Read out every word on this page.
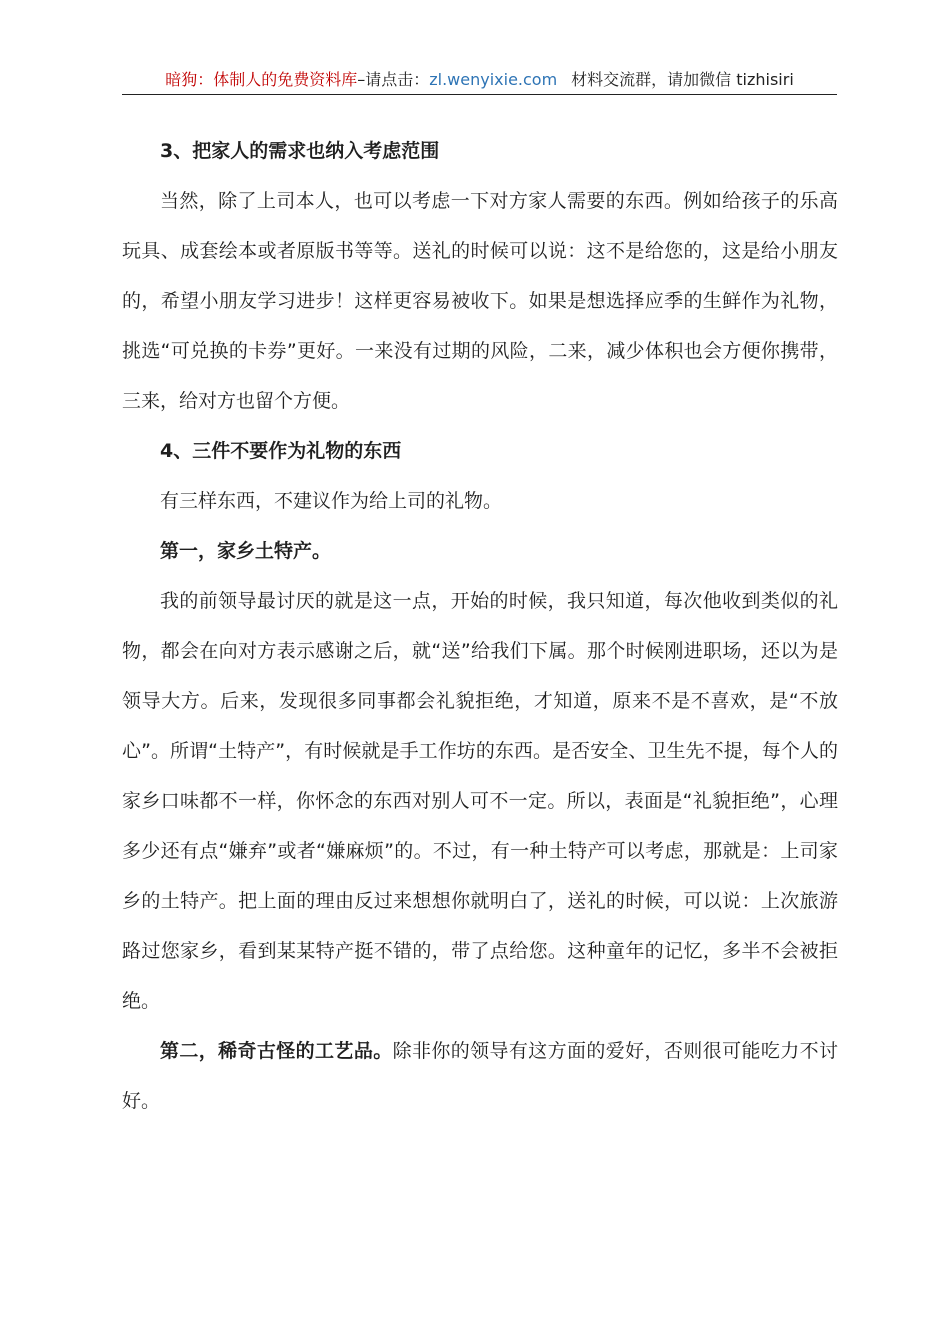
暗狗：体制人的免费资料库–请点击：zl.wenyixie.com 材料交流群，请加微信 tizhisiri
3、把家人的需求也纳入考虑范围

当然，除了上司本人，也可以考虑一下对方家人需要的东西。例如给孩子的乐高玩具、成套绘本或者原版书等等。送礼的时候可以说：这不是给您的，这是给小朋友的，希望小朋友学习进步！这样更容易被收下。如果是想选择应季的生鲜作为礼物，挑选“可兑换的卡券”更好。一来没有过期的风险，二来，减少体积也会方便你携带，三来，给对方也留个方便。

4、三件不要作为礼物的东西

有三样东西，不建议作为给上司的礼物。

第一，家乡土特产。

我的前领导最讨厌的就是这一点，开始的时候，我只知道，每次他收到类似的礼物，都会在向对方表示感谢之后，就“送”给我们下属。那个时候刚进职场，还以为是领导大方。后来，发现很多同事都会礼貌拒绝，才知道，原来不是不喜欢，是“不放心”。所谓“土特产”，有时候就是手工作坊的东西。是否安全、卫生先不提，每个人的家乡口味都不一样，你怀念的东西对别人可不一定。所以，表面是“礼貌拒绝”，心理多少还有点“嫌弃”或者“嫌麻烦”的。不过，有一种土特产可以考虑，那就是：上司家乡的土特产。把上面的理由反过来想想你就明白了，送礼的时候，可以说：上次旅游路过您家乡，看到某某特产挺不错的，带了点给您。这种童年的记忆，多半不会被拒绝。

第二，稀奇古怪的工艺品。除非你的领导有这方面的爱好，否则很可能吃力不讨好。
